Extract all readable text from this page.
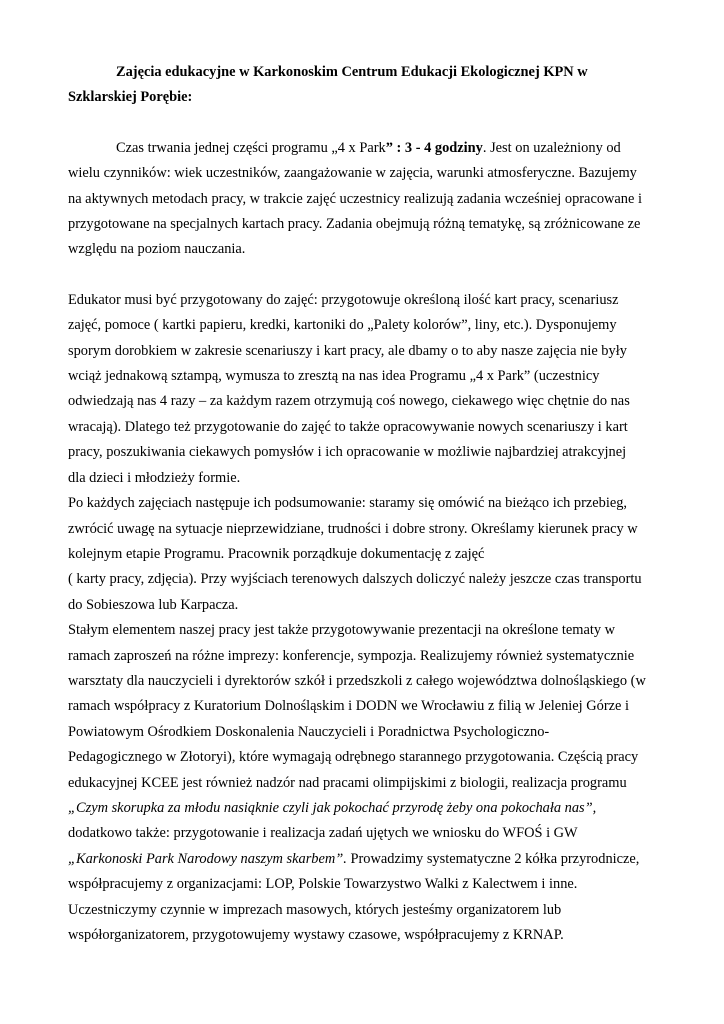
Zajęcia edukacyjne w Karkonoskim Centrum Edukacji Ekologicznej KPN w

Szklarskiej Porębie:

Czas trwania jednej części programu „4 x Park” : 3 - 4 godziny. Jest on uzależniony od

wielu czynników: wiek uczestników, zaangażowanie w zajęcia, warunki atmosferyczne. Bazujemy

na aktywnych metodach pracy, w trakcie zajęć uczestnicy realizują zadania wcześniej opracowane i

przygotowane na specjalnych kartach pracy. Zadania obejmują różną tematykę, są zróżnicowane ze

względu na poziom nauczania.

Edukator musi być przygotowany do zajęć: przygotowuje określoną ilość kart pracy, scenariusz

zajęć, pomoce ( kartki papieru, kredki, kartoniki do „Palety kolorów”, liny, etc.). Dysponujemy

sporym dorobkiem w zakresie scenariuszy i kart pracy, ale dbamy o to aby nasze zajęcia nie były

wciąż jednakową sztampą, wymusza to zresztą na nas idea Programu „4 x Park” (uczestnicy

odwiedzają nas 4 razy – za każdym razem otrzymują coś nowego, ciekawego więc chętnie do nas

wracają). Dlatego też przygotowanie do zajęć to także opracowywanie nowych scenariuszy i kart

pracy, poszukiwania ciekawych pomysłów i ich opracowanie w możliwie najbardziej atrakcyjnej

dla dzieci i młodzieży formie.

Po każdych zajęciach następuje ich podsumowanie: staramy się omówić na bieżąco ich przebieg,

zwrócić uwagę na sytuacje nieprzewidziane, trudności i dobre strony. Określamy kierunek pracy w

kolejnym etapie Programu. Pracownik porządkuje dokumentację z zajęć

( karty pracy, zdjęcia). Przy wyjściach terenowych dalszych doliczyć należy jeszcze czas transportu

do Sobieszowa lub Karpacza.

Stałym elementem naszej pracy jest także przygotowywanie prezentacji na określone tematy w

ramach zaproszeń na różne imprezy: konferencje, sympozja. Realizujemy również systematycznie

warsztaty dla nauczycieli i dyrektorów szkół i przedszkoli z całego województwa dolnośląskiego (w

ramach współpracy z Kuratorium Dolnośląskim i DODN we Wrocławiu z filią w Jeleniej Górze i

Powiatowym Ośrodkiem Doskonalenia Nauczycieli i Poradnictwa Psychologiczno-

Pedagogicznego w Złotoryi), które wymagają odrębnego starannego przygotowania. Częścią pracy

edukacyjnej KCEE jest również nadzór nad pracami olimpijskimi z biologii, realizacja programu

„Czym skorupka za młodu nasiąknie czyli jak pokochać przyrodę żeby ona pokochała nas”,

dodatkowo także: przygotowanie i realizacja zadań ujętych we wniosku do WFOŚ i GW

„Karkonoski Park Narodowy naszym skarbem”. Prowadzimy systematyczne 2 kółka przyrodnicze,

współpracujemy z organizacjami: LOP, Polskie Towarzystwo Walki z Kalectwem i inne.

Uczestniczymy czynnie w imprezach masowych, których jesteśmy organizatorem lub

współorganizatorem, przygotowujemy wystawy czasowe, współpracujemy z KRNAP.
